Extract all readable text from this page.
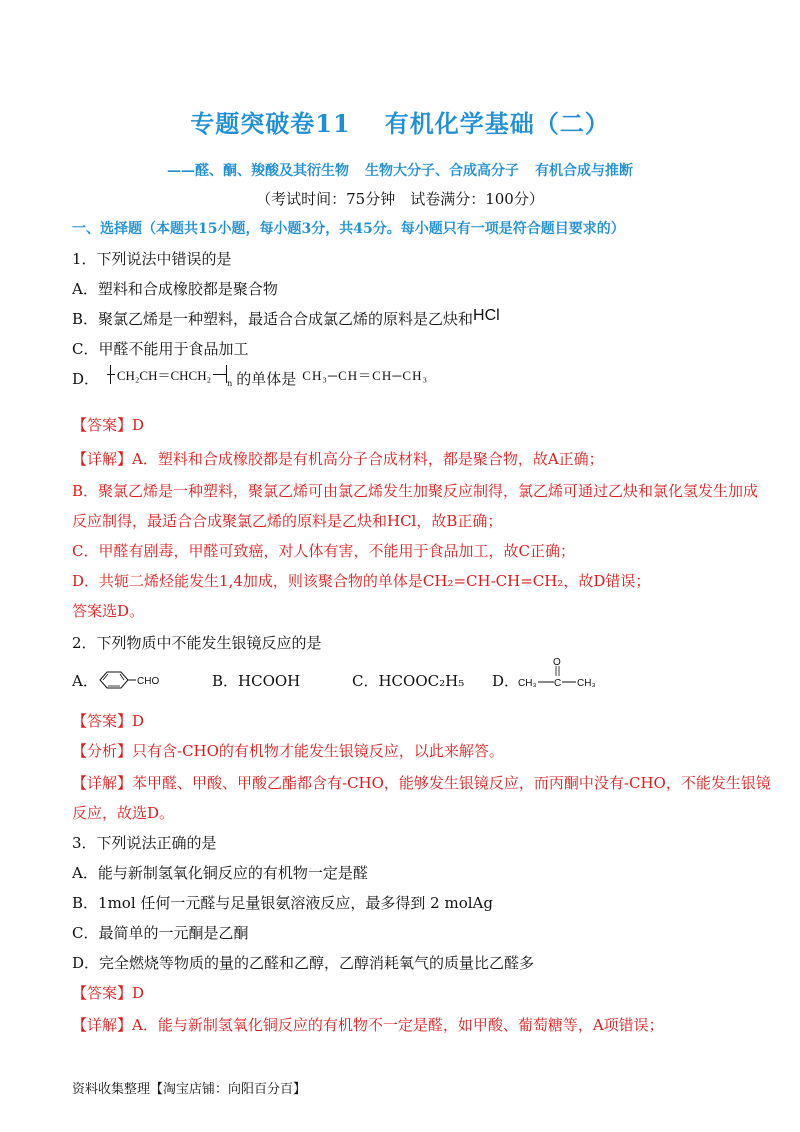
专题突破卷11 有机化学基础（二）
——醛、酮、羧酸及其衍生物 生物大分子、合成高分子 有机合成与推断
（考试时间：75分钟　试卷满分：100分）
一、选择题（本题共15小题，每小题3分，共45分。每小题只有一项是符合题目要求的）
1．下列说法中错误的是
A．塑料和合成橡胶都是聚合物
B．聚氯乙烯是一种塑料，最适合合成氯乙烯的原料是乙炔和HCl
C．甲醛不能用于食品加工
D． CH₂CH＝CHCH₂
n 的单体是 CH₃─CH＝CH─CH₃
【答案】D
【详解】A．塑料和合成橡胶都是有机高分子合成材料，都是聚合物，故A正确；
B．聚氯乙烯是一种塑料，聚氯乙烯可由氯乙烯发生加聚反应制得，氯乙烯可通过乙炔和氯化氢发生加成
反应制得，最适合合成聚氯乙烯的原料是乙炔和HCl，故B正确；
C．甲醛有剧毒，甲醛可致癌，对人体有害，不能用于食品加工，故C正确；
D．共轭二烯烃能发生1,4加成，则该聚合物的单体是CH₂=CH-CH=CH₂，故D错误；
答案选D。
2．下列物质中不能发生银镜反应的是
A．	CHO	B．HCOOH	C．HCOOC₂H₅ D．
CH₃ C
O
CH₃
【答案】D
【分析】只有含-CHO的有机物才能发生银镜反应，以此来解答。
【详解】苯甲醛、甲酸、甲酸乙酯都含有-CHO，能够发生银镜反应，而丙酮中没有-CHO，不能发生银镜
反应，故选D。
3．下列说法正确的是
A．能与新制氢氧化铜反应的有机物一定是醛
B．1mol 任何一元醛与足量银氨溶液反应，最多得到 2 molAg
C．最简单的一元酮是乙酮
D．完全燃烧等物质的量的乙醛和乙醇，乙醇消耗氧气的质量比乙醛多
【答案】D
【详解】A．能与新制氢氧化铜反应的有机物不一定是醛，如甲酸、葡萄糖等，A项错误；
资料收集整理【淘宝店铺：向阳百分百】
